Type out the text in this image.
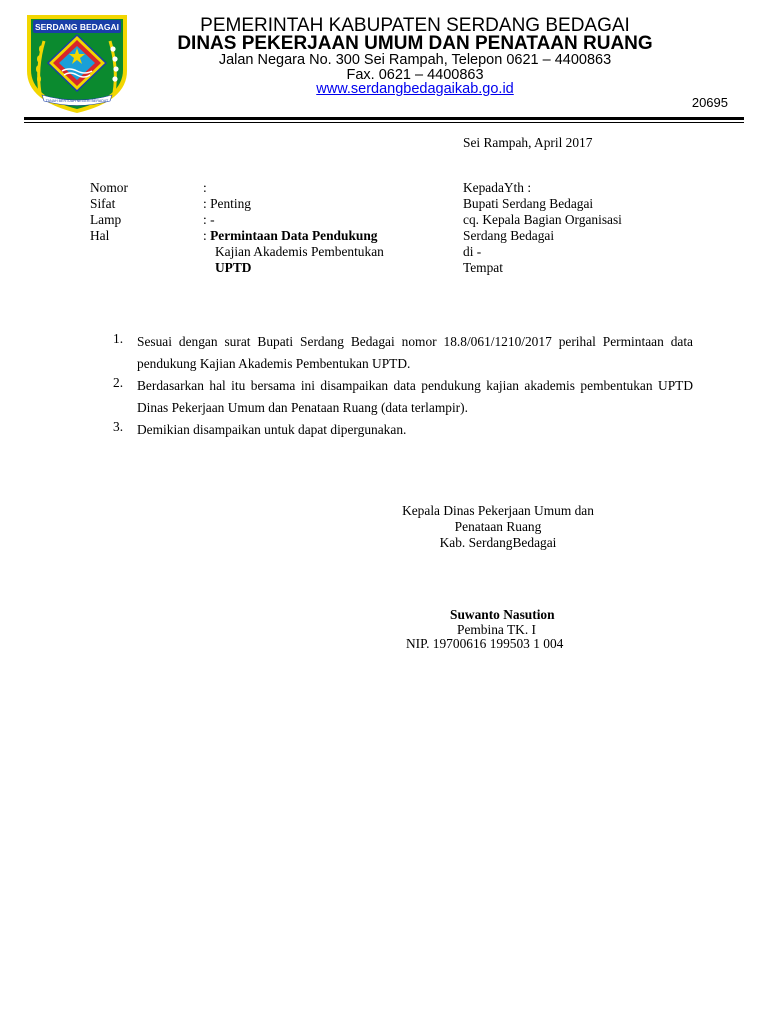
SERDANG BEDAGAI
TANAH BERTUAH NEGERI BERADAT
PEMERINTAH KABUPATEN SERDANG BEDAGAI
DINAS PEKERJAAN UMUM DAN PENATAAN RUANG
Jalan Negara No. 300 Sei Rampah, Telepon 0621 – 4400863
Fax. 0621 – 4400863
www.serdangbedagaikab.go.id
20695
Sei Rampah, April 2017
Nomor	:
Sifat	: Penting
Lamp	: -
Hal	: Permintaan Data Pendukung
Kajian Akademis Pembentukan
UPTD
KepadaYth :
Bupati Serdang Bedagai
cq. Kepala Bagian Organisasi
Serdang Bedagai
di -
Tempat
1. Sesuai dengan surat Bupati Serdang Bedagai nomor 18.8/061/1210/2017 perihal Permintaan data pendukung Kajian Akademis Pembentukan UPTD.
2. Berdasarkan hal itu bersama ini disampaikan data pendukung kajian akademis pembentukan UPTD Dinas Pekerjaan Umum dan Penataan Ruang (data terlampir).
3. Demikian disampaikan untuk dapat dipergunakan.
Kepala Dinas Pekerjaan Umum dan
Penataan Ruang
Kab. SerdangBedagai
Suwanto Nasution
Pembina TK. I
NIP. 19700616 199503 1 004
